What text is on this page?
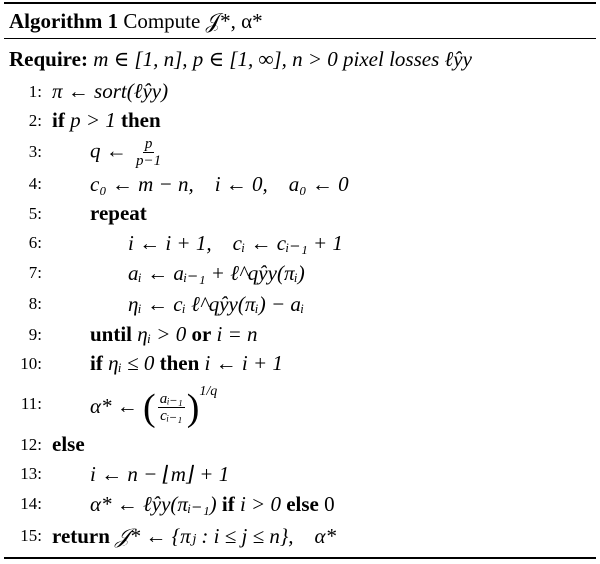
Algorithm 1 Compute 𝒥*, α*
Require: m ∈ [1, n], p ∈ [1, ∞], n > 0 pixel losses ℓŷy
1: π ← sort(ℓŷy)
2: if p > 1 then
3:	q ← $\frac{p}{p-1}$
4:	c₀ ← m − n,    i ← 0,    a₀ ← 0
5:	repeat
6:	i ← i + 1,    cᵢ ← cᵢ₋₁ + 1
7:	aᵢ ← aᵢ₋₁ + ℓ^qŷy(πᵢ)
8:	ηᵢ ← cᵢ ℓ^qŷy(πᵢ) − aᵢ
9:	until ηᵢ > 0 or i = n
10:	if ηᵢ ≤ 0 then i ← i + 1
11:	α* ← ( $\frac{\text{aᵢ₋₁}}{\text{cᵢ₋₁}} )^{1/q}$
12: else
13:	i ← n − ⌊m⌋ + 1
14:	α* ← ℓŷy(πᵢ₋₁) if i > 0 else 0
15: return 𝒥* ← {πⱼ : i ≤ j ≤ n},    α*
